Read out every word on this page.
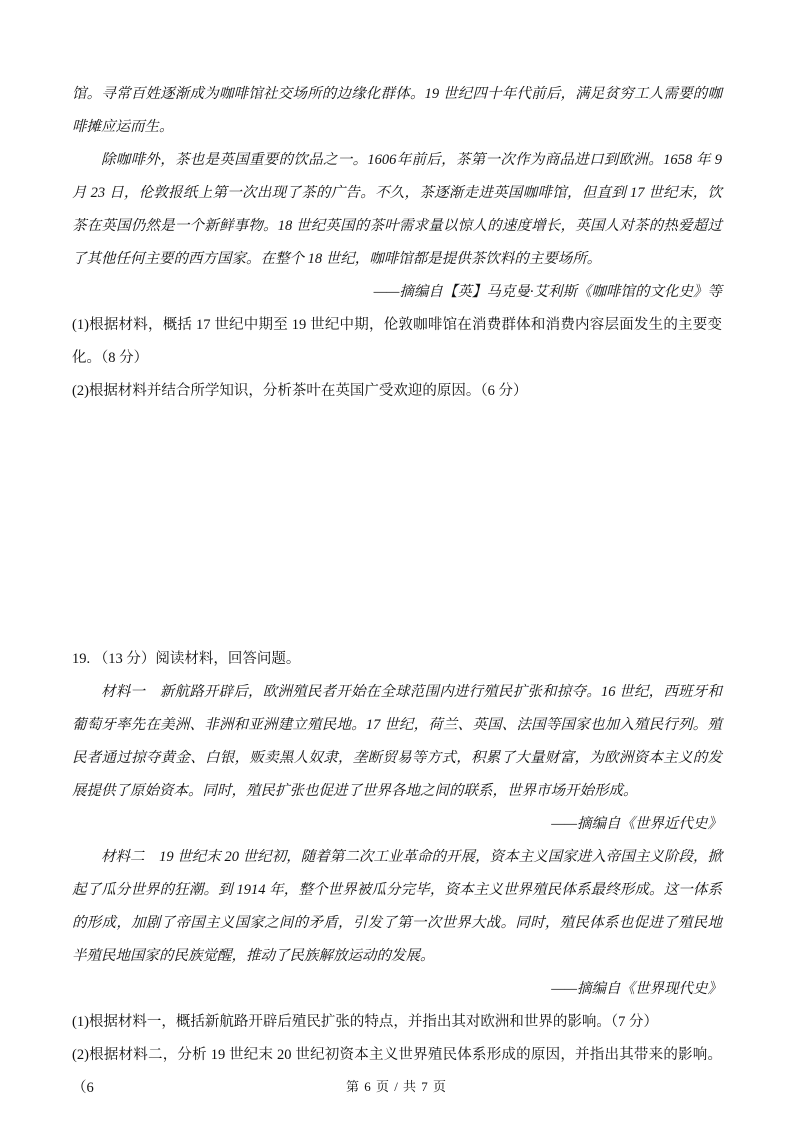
馆。寻常百姓逐渐成为咖啡馆社交场所的边缘化群体。19 世纪四十年代前后，满足贫穷工人需要的咖啡摊应运而生。

除咖啡外，茶也是英国重要的饮品之一。1606年前后，茶第一次作为商品进口到欧洲。1658 年 9 月 23 日，伦敦报纸上第一次出现了茶的广告。不久，茶逐渐走进英国咖啡馆，但直到 17 世纪末，饮茶在英国仍然是一个新鲜事物。18 世纪英国的茶叶需求量以惊人的速度增长，英国人对茶的热爱超过了其他任何主要的西方国家。在整个 18 世纪，咖啡馆都是提供茶饮料的主要场所。

——摘编自【英】马克曼·艾利斯《咖啡馆的文化史》等

(1)根据材料，概括 17 世纪中期至 19 世纪中期，伦敦咖啡馆在消费群体和消费内容层面发生的主要变化。（8 分）

(2)根据材料并结合所学知识，分析茶叶在英国广受欢迎的原因。（6 分）

19. （13 分）阅读材料，回答问题。

材料一　新航路开辟后，欧洲殖民者开始在全球范围内进行殖民扩张和掠夺。16 世纪，西班牙和葡萄牙率先在美洲、非洲和亚洲建立殖民地。17 世纪，荷兰、英国、法国等国家也加入殖民行列。殖民者通过掠夺黄金、白银，贩卖黑人奴隶，垄断贸易等方式，积累了大量财富，为欧洲资本主义的发展提供了原始资本。同时，殖民扩张也促进了世界各地之间的联系，世界市场开始形成。

——摘编自《世界近代史》

材料二　19 世纪末 20 世纪初，随着第二次工业革命的开展，资本主义国家进入帝国主义阶段，掀起了瓜分世界的狂潮。到 1914 年，整个世界被瓜分完毕，资本主义世界殖民体系最终形成。这一体系的形成，加剧了帝国主义国家之间的矛盾，引发了第一次世界大战。同时，殖民体系也促进了殖民地半殖民地国家的民族觉醒，推动了民族解放运动的发展。

——摘编自《世界现代史》

(1)根据材料一，概括新航路开辟后殖民扩张的特点，并指出其对欧洲和世界的影响。（7 分）

(2)根据材料二，分析 19 世纪末 20 世纪初资本主义世界殖民体系形成的原因，并指出其带来的影响。（6	第 6 页 / 共 7 页
